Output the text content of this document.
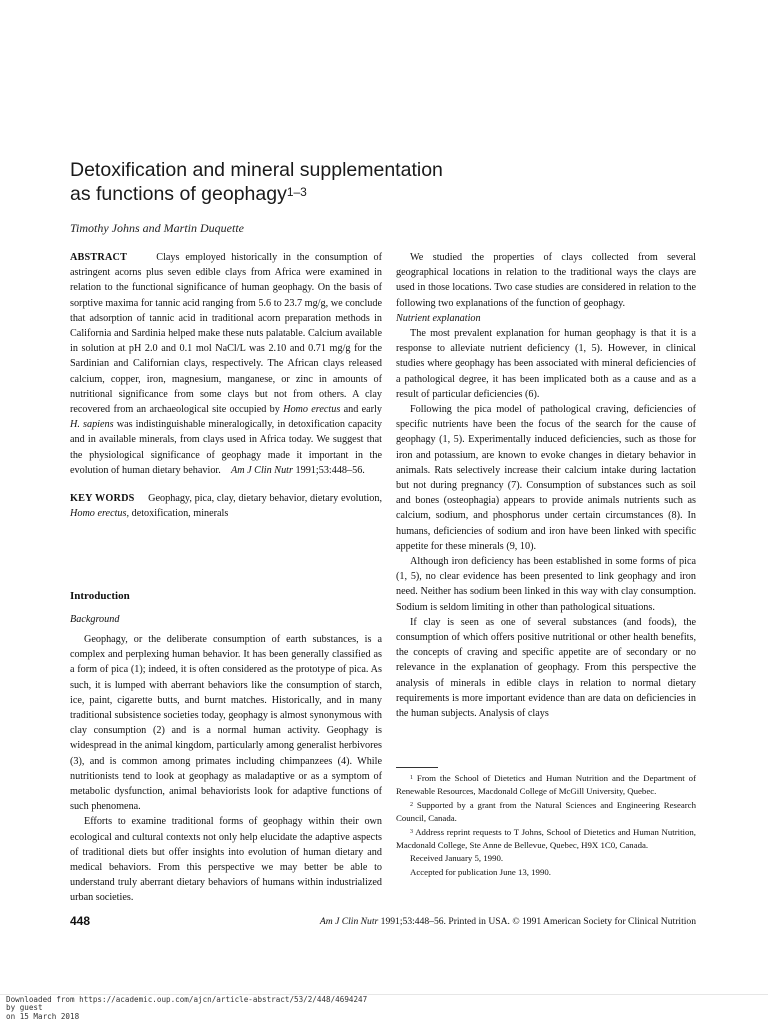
Detoxification and mineral supplementation
as functions of geophagy$^{1-3}$
Timothy Johns and Martin Duquette

ABSTRACT	Clays employed historically in the consumption of astringent acorns plus seven edible clays from Africa were examined in relation to the functional significance of human geophagy. On the basis of sorptive maxima for tannic acid ranging from 5.6 to 23.7 mg/g, we conclude that adsorption of tannic acid in traditional acorn preparation methods in California and Sardinia helped make these nuts palatable. Calcium available in solution at pH 2.0 and 0.1 mol NaCl/L was 2.10 and 0.71 mg/g for the Sardinian and Californian clays, respectively. The African clays released calcium, copper, iron, magnesium, manganese, or zinc in amounts of nutritional significance from some clays but not from others. A clay recovered from an archaeological site occupied by Homo erectus and early H. sapiens was indistinguishable mineralogically, in detoxification capacity and in available minerals, from clays used in Africa today. We suggest that the physiological significance of geophagy made it important in the evolution of human dietary behavior. Am J Clin Nutr 1991;53:448–56.

KEY WORDS Geophagy, pica, clay, dietary behavior, dietary evolution, Homo erectus, detoxification, minerals

Introduction
Background

Geophagy, or the deliberate consumption of earth substances, is a complex and perplexing human behavior. It has been generally classified as a form of pica (1); indeed, it is often considered as the prototype of pica. As such, it is lumped with aberrant behaviors like the consumption of starch, ice, paint, cigarette butts, and burnt matches. Historically, and in many traditional subsistence societies today, geophagy is almost synonymous with clay consumption (2) and is a normal human activity. Geophagy is widespread in the animal kingdom, particularly among generalist herbivores (3), and is common among primates including chimpanzees (4). While nutritionists tend to look at geophagy as maladaptive or as a symptom of metabolic dysfunction, animal behaviorists look for adaptive functions of such phenomena.

Efforts to examine traditional forms of geophagy within their own ecological and cultural contexts not only help elucidate the adaptive aspects of traditional diets but offer insights into evolution of human dietary and medical behaviors. From this perspective we may better be able to understand truly aberrant dietary behaviors of humans within industrialized urban societies.

We studied the properties of clays collected from several geographical locations in relation to the traditional ways the clays are used in those locations. Two case studies are considered in relation to the following two explanations of the function of geophagy.

Nutrient explanation

The most prevalent explanation for human geophagy is that it is a response to alleviate nutrient deficiency (1, 5). However, in clinical studies where geophagy has been associated with mineral deficiencies of a pathological degree, it has been implicated both as a cause and as a result of particular deficiencies (6).

Following the pica model of pathological craving, deficiencies of specific nutrients have been the focus of the search for the cause of geophagy (1, 5). Experimentally induced deficiencies, such as those for iron and potassium, are known to evoke changes in dietary behavior in animals. Rats selectively increase their calcium intake during lactation but not during pregnancy (7). Consumption of substances such as soil and bones (osteophagia) appears to provide animals nutrients such as calcium, sodium, and phosphorus under certain circumstances (8). In humans, deficiencies of sodium and iron have been linked with specific appetite for these minerals (9, 10).

Although iron deficiency has been established in some forms of pica (1, 5), no clear evidence has been presented to link geophagy and iron need. Neither has sodium been linked in this way with clay consumption. Sodium is seldom limiting in other than pathological situations.

If clay is seen as one of several substances (and foods), the consumption of which offers positive nutritional or other health benefits, the concepts of craving and specific appetite are of secondary or no relevance in the explanation of geophagy. From this perspective the analysis of minerals in edible clays in relation to normal dietary requirements is more important evidence than are data on deficiencies in the human subjects. Analysis of clays

$^1$ From the School of Dietetics and Human Nutrition and the Department of Renewable Resources, Macdonald College of McGill University, Quebec.

$^2$ Supported by a grant from the Natural Sciences and Engineering Research Council, Canada.

$^3$ Address reprint requests to T Johns, School of Dietetics and Human Nutrition, Macdonald College, Ste Anne de Bellevue, Quebec, H9X 1C0, Canada.

Received January 5, 1990.

Accepted for publication June 13, 1990.

448	Am J Clin Nutr 1991;53:448–56. Printed in USA. © 1991 American Society for Clinical Nutrition
Downloaded from https://academic.oup.com/ajcn/article-abstract/53/2/448/4694247
by guest
on 15 March 2018
